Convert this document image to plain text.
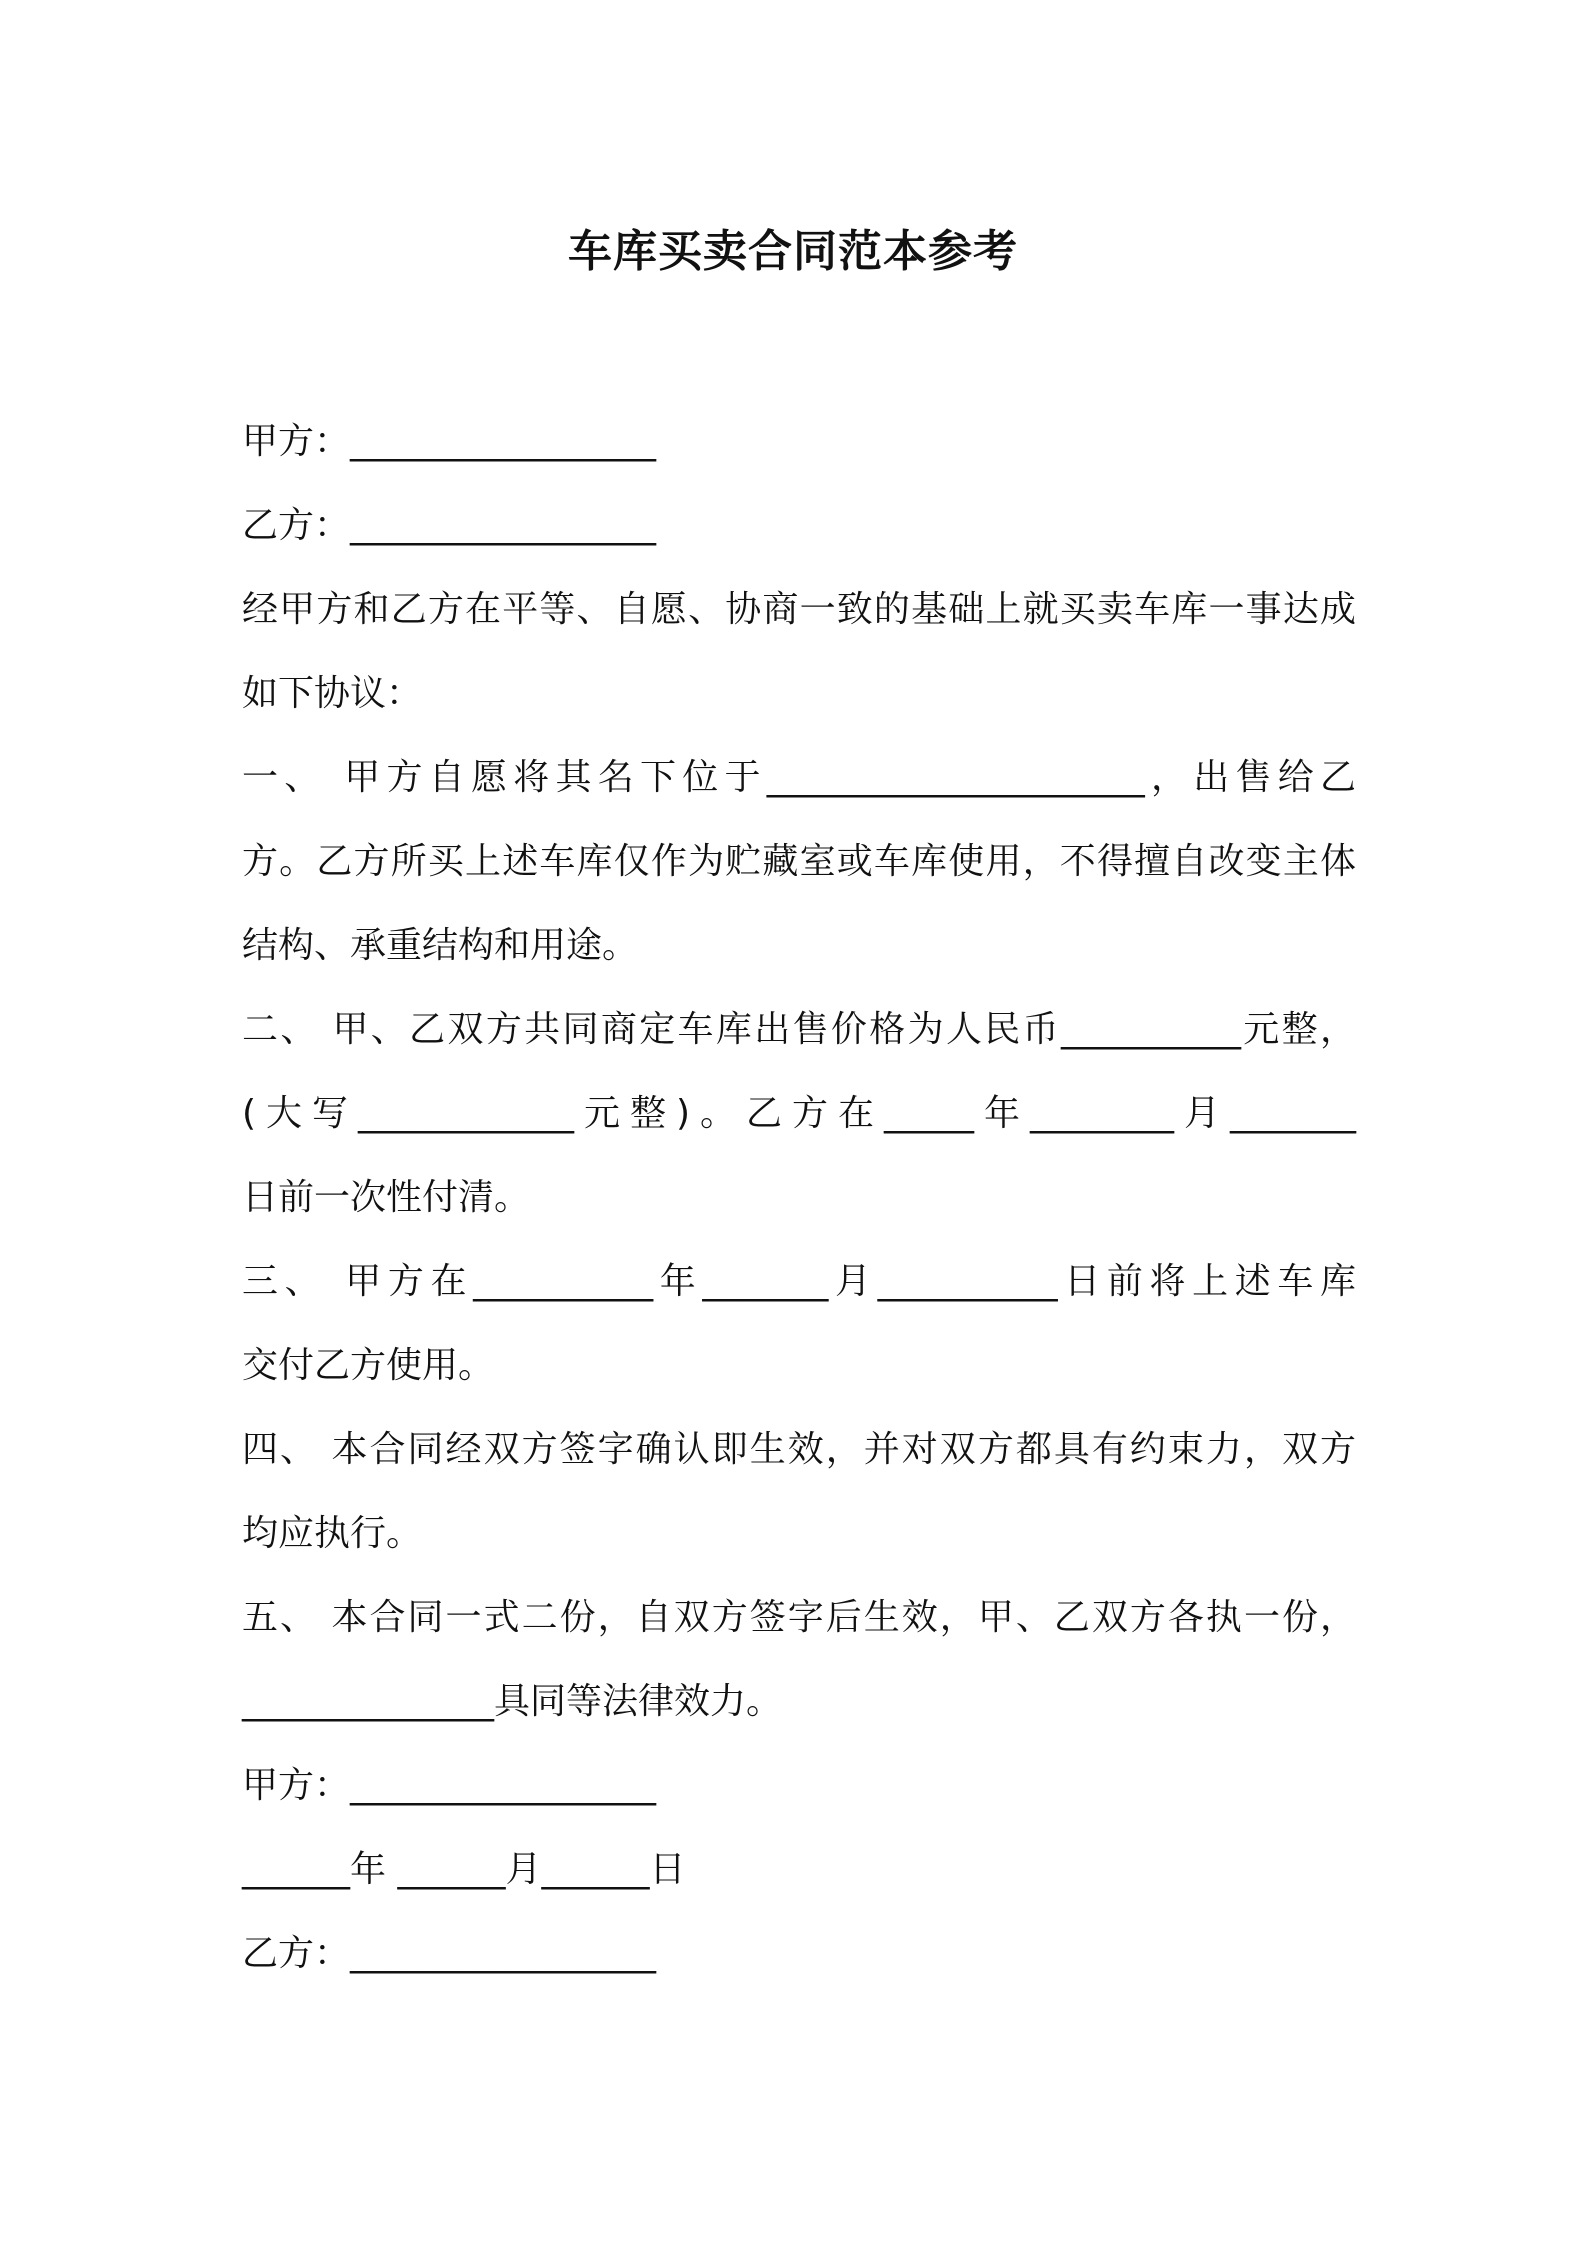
车库买卖合同范本参考
甲方：_________________
乙方：_________________
经甲方和乙方在平等、自愿、协商一致的基础上就买卖车库一事达成
如下协议：
一、 甲方自愿将其名下位于_____________________，出售给乙
方。乙方所买上述车库仅作为贮藏室或车库使用，不得擅自改变主体
结构、承重结构和用途。
二、 甲、乙双方共同商定车库出售价格为人民币__________元整，
(大写____________元整)。乙方在_____年________月_______
日前一次性付清。
三、 甲方在__________年_______月__________日前将上述车库
交付乙方使用。
四、 本合同经双方签字确认即生效，并对双方都具有约束力，双方
均应执行。
五、 本合同一式二份，自双方签字后生效，甲、乙双方各执一份，
______________具同等法律效力。
甲方：_________________
______年 ______月______日
乙方：_________________
